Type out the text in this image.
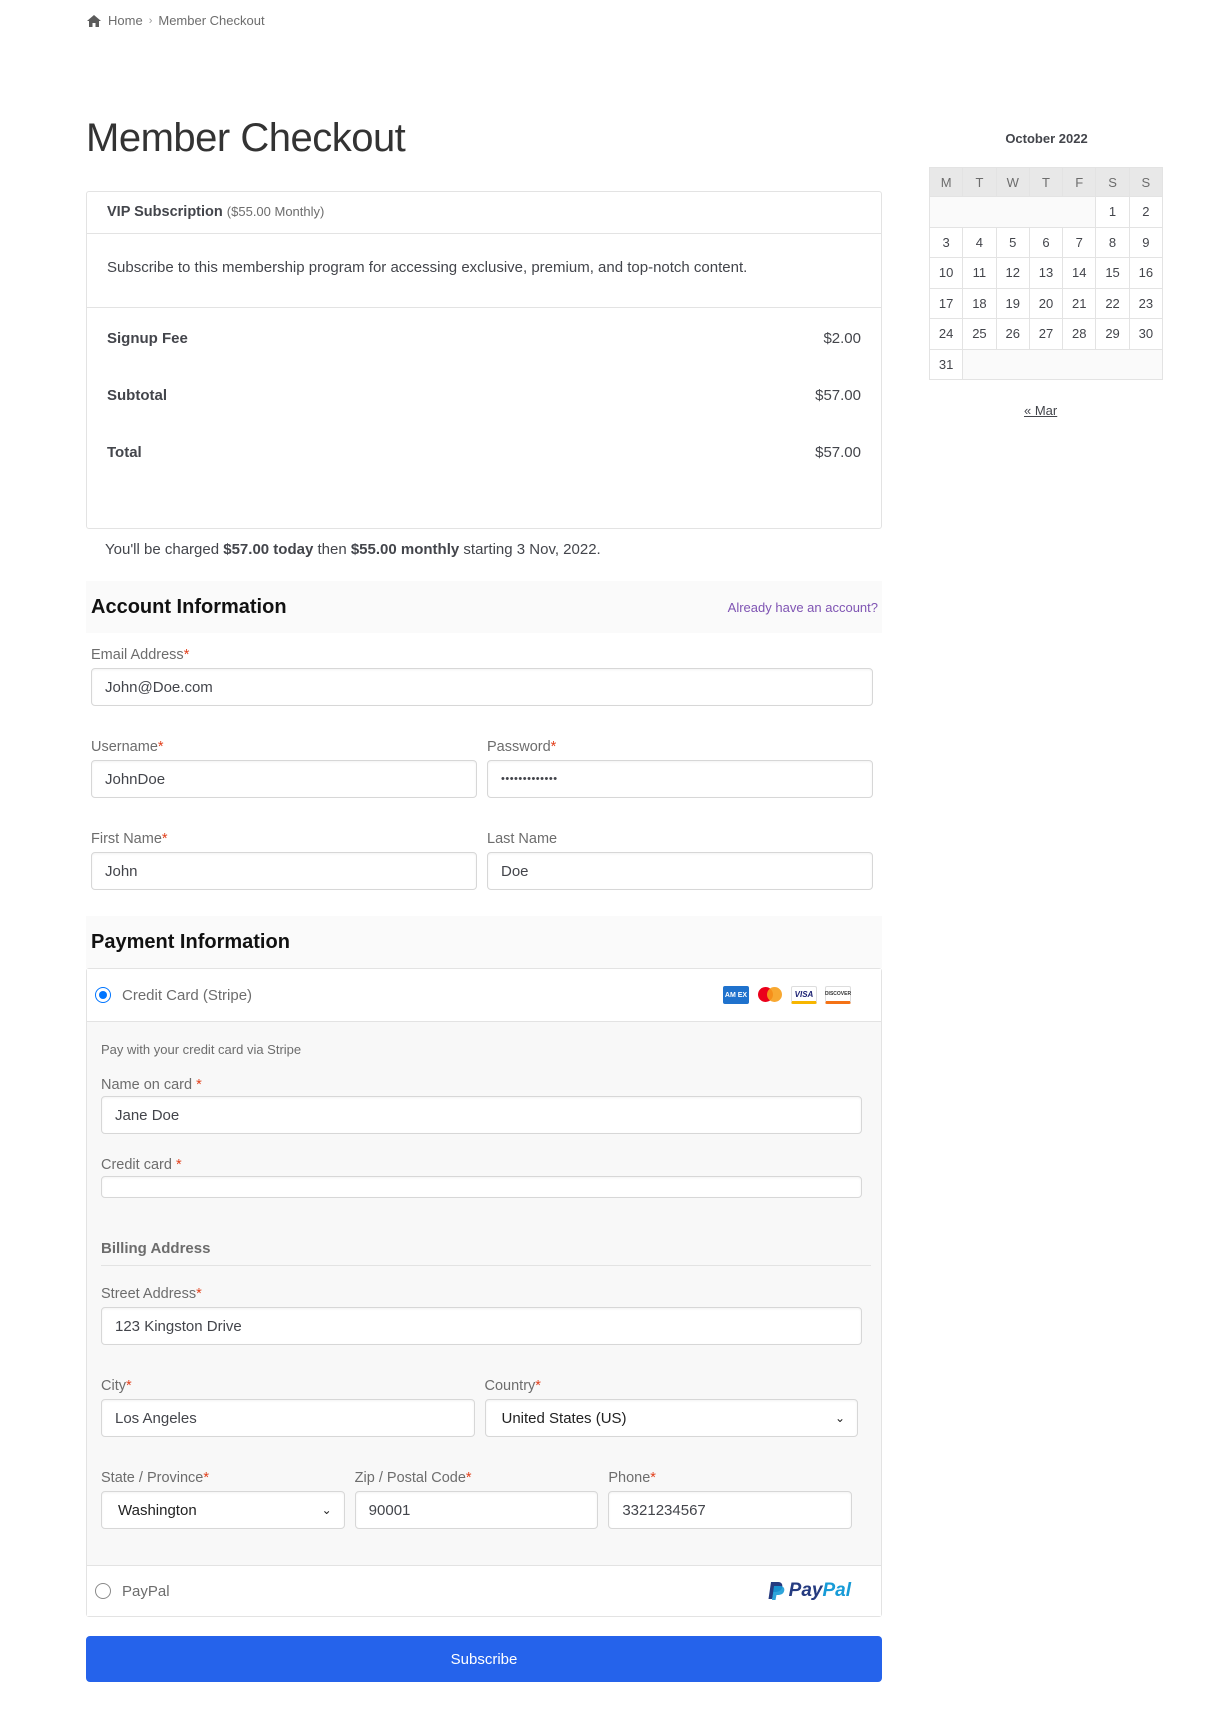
Home › Member Checkout
Member Checkout
VIP Subscription ($55.00 Monthly)
Subscribe to this membership program for accessing exclusive, premium, and top-notch content.
Signup Fee	$2.00
Subtotal	$57.00
Total	$57.00

You'll be charged $57.00 today then $55.00 monthly starting 3 Nov, 2022.

Account Information	Already have an account?
Email Address*
John@Doe.com
Username*
JohnDoe
Password*
•••••••••••••
First Name*
John
Last Name
Doe
Payment Information
Credit Card (Stripe)	AM EX	VISA	DISCOVER

Pay with your credit card via Stripe

Name on card *
Jane Doe
Credit card *
Billing Address
Street Address*
123 Kingston Drive
City*
Los Angeles
Country*
United States (US)	⌄
State / Province*
Washington	⌄
Zip / Postal Code*
90001
Phone*
3321234567
PayPal	Pay Pal
Subscribe
October 2022
M	T	W	T	F	S	S
					1	2
3	4	5	6	7	8	9
10	11	12	13	14	15	16
17	18	19	20	21	22	23
24	25	26	27	28	29	30
31						
« Mar
